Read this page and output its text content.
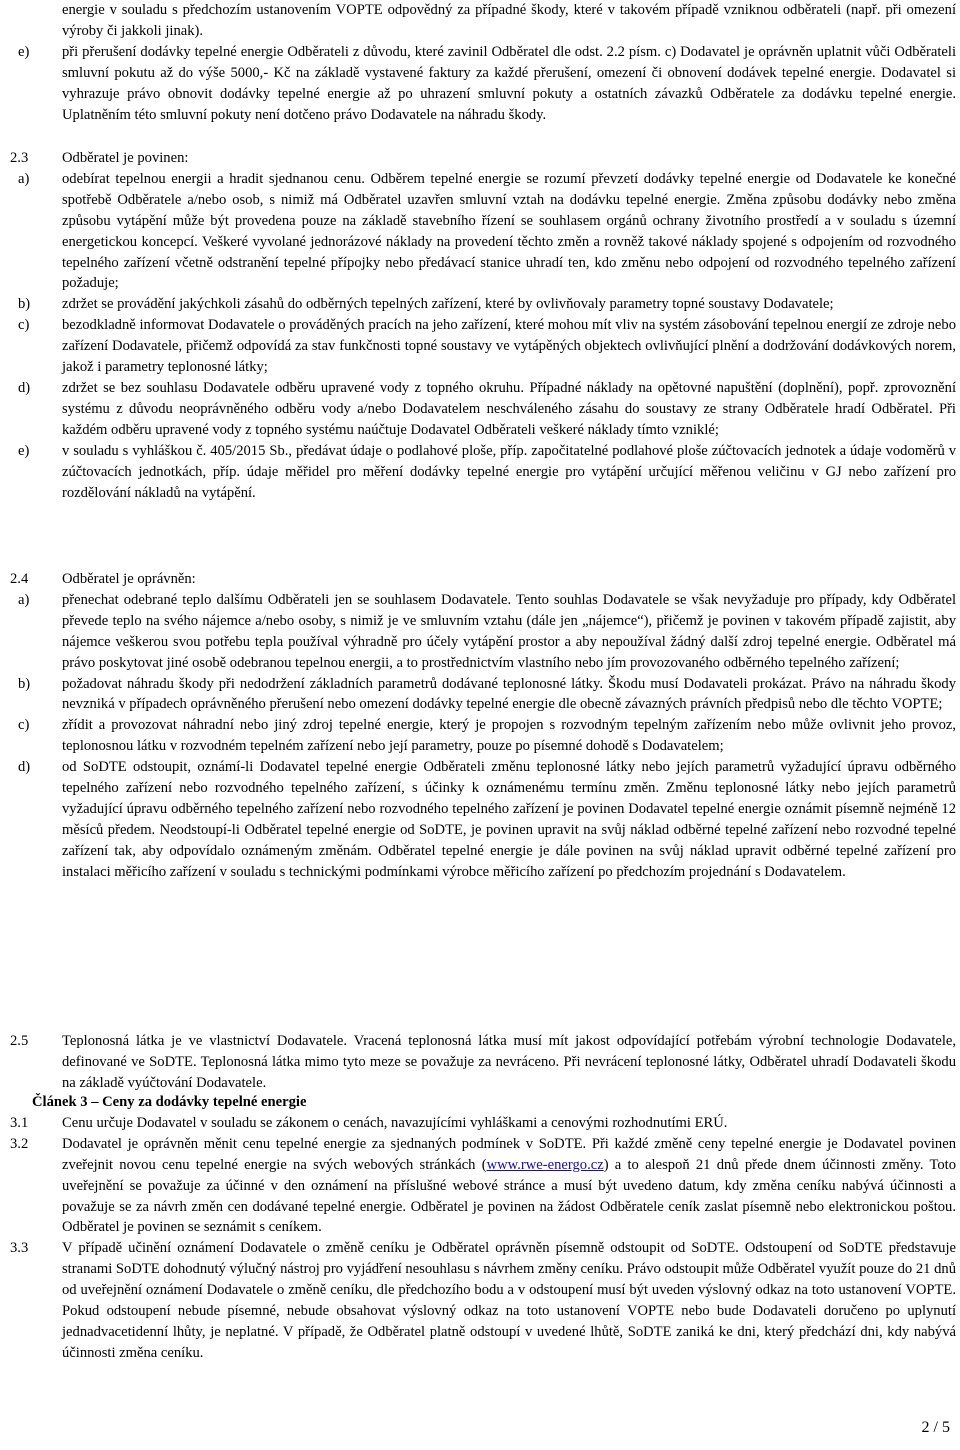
energie v souladu s předchozím ustanovením VOPTE odpovědný za případné škody, které v takovém případě vzniknou odběrateli (např. při omezení výroby či jakkoli jinak).
e) při přerušení dodávky tepelné energie Odběrateli z důvodu, které zavinil Odběratel dle odst. 2.2 písm. c) Dodavatel je oprávněn uplatnit vůči Odběrateli smluvní pokutu až do výše 5000,- Kč na základě vystavené faktury za každé přerušení, omezení či obnovení dodávek tepelné energie. Dodavatel si vyhrazuje právo obnovit dodávky tepelné energie až po uhrazení smluvní pokuty a ostatních závazků Odběratele za dodávku tepelné energie. Uplatněním této smluvní pokuty není dotčeno právo Dodavatele na náhradu škody.
2.3 Odběratel je povinen:
a) odebírat tepelnou energii a hradit sjednanou cenu. Odběrem tepelné energie se rozumí převzetí dodávky tepelné energie od Dodavatele ke konečné spotřebě Odběratele a/nebo osob, s nimiž má Odběratel uzavřen smluvní vztah na dodávku tepelné energie. Změna způsobu dodávky nebo změna způsobu vytápění může být provedena pouze na základě stavebního řízení se souhlasem orgánů ochrany životního prostředí a v souladu s územní energetickou koncepcí. Veškeré vyvolané jednorázové náklady na provedení těchto změn a rovněž takové náklady spojené s odpojením od rozvodného tepelného zařízení včetně odstranění tepelné přípojky nebo předávací stanice uhradí ten, kdo změnu nebo odpojení od rozvodného tepelného zařízení požaduje;
b) zdržet se provádění jakýchkoli zásahů do odběrných tepelných zařízení, které by ovlivňovaly parametry topné soustavy Dodavatele;
c) bezodkladně informovat Dodavatele o prováděných pracích na jeho zařízení, které mohou mít vliv na systém zásobování tepelnou energií ze zdroje nebo zařízení Dodavatele, přičemž odpovídá za stav funkčnosti topné soustavy ve vytápěných objektech ovlivňující plnění a dodržování dodávkových norem, jakož i parametry teplonosné látky;
d) zdržet se bez souhlasu Dodavatele odběru upravené vody z topného okruhu. Případné náklady na opětovné napuštění (doplnění), popř. zprovoznění systému z důvodu neoprávněného odběru vody a/nebo Dodavatelem neschváleného zásahu do soustavy ze strany Odběratele hradí Odběratel. Při každém odběru upravené vody z topného systému naúčtuje Dodavatel Odběrateli veškeré náklady tímto vzniklé;
e) v souladu s vyhláškou č. 405/2015 Sb., předávat údaje o podlahové ploše, příp. započitatelné podlahové ploše zúčtovacích jednotek a údaje vodoměrů v zúčtovacích jednotkách, příp. údaje měřidel pro měření dodávky tepelné energie pro vytápění určující měřenou veličinu v GJ nebo zařízení pro rozdělování nákladů na vytápění.
2.4 Odběratel je oprávněn:
a) přenechat odebrané teplo dalšímu Odběrateli jen se souhlasem Dodavatele. Tento souhlas Dodavatele se však nevyžaduje pro případy, kdy Odběratel převede teplo na svého nájemce a/nebo osoby, s nimiž je ve smluvním vztahu (dále jen „nájemce“), přičemž je povinen v takovém případě zajistit, aby nájemce veškerou svou potřebu tepla používal výhradně pro účely vytápění prostor a aby nepoužíval žádný další zdroj tepelné energie. Odběratel má právo poskytovat jiné osobě odebranou tepelnou energii, a to prostřednictvím vlastního nebo jím provozovaného odběrného tepelného zařízení;
b) požadovat náhradu škody při nedodržení základních parametrů dodávané teplonosné látky. Škodu musí Dodavateli prokázat. Právo na náhradu škody nevzniká v případech oprávněného přerušení nebo omezení dodávky tepelné energie dle obecně závazných právních předpisů nebo dle těchto VOPTE;
c) zřídit a provozovat náhradní nebo jiný zdroj tepelné energie, který je propojen s rozvodným tepelným zařízením nebo může ovlivnit jeho provoz, teplonosnou látku v rozvodném tepelném zařízení nebo její parametry, pouze po písemné dohodě s Dodavatelem;
d) od SoDTE odstoupit, oznámí-li Dodavatel tepelné energie Odběrateli změnu teplonosné látky nebo jejích parametrů vyžadující úpravu odběrného tepelného zařízení nebo rozvodného tepelného zařízení, s účinky k oznámenému termínu změn. Změnu teplonosné látky nebo jejích parametrů vyžadující úpravu odběrného tepelného zařízení nebo rozvodného tepelného zařízení je povinen Dodavatel tepelné energie oznámit písemně nejméně 12 měsíců předem. Neodstoupí-li Odběratel tepelné energie od SoDTE, je povinen upravit na svůj náklad odběrné tepelné zařízení nebo rozvodné tepelné zařízení tak, aby odpovídalo oznámeným změnám. Odběratel tepelné energie je dále povinen na svůj náklad upravit odběrné tepelné zařízení pro instalaci měřicího zařízení v souladu s technickými podmínkami výrobce měřicího zařízení po předchozím projednání s Dodavatelem.
2.5 Teplonosná látka je ve vlastnictví Dodavatele. Vracená teplonosná látka musí mít jakost odpovídající potřebám výrobní technologie Dodavatele, definované ve SoDTE. Teplonosná látka mimo tyto meze se považuje za nevráceno. Při nevrácení teplonosné látky, Odběratel uhradí Dodavateli škodu na základě vyúčtování Dodavatele.
Článek 3 – Ceny za dodávky tepelné energie
3.1 Cenu určuje Dodavatel v souladu se zákonem o cenách, navazujícími vyhláškami a cenovými rozhodnutími ERÚ.
3.2 Dodavatel je oprávněn měnit cenu tepelné energie za sjednaných podmínek v SoDTE. Při každé změně ceny tepelné energie je Dodavatel povinen zveřejnit novou cenu tepelné energie na svých webových stránkách (www.rwe-energo.cz) a to alespoň 21 dnů přede dnem účinnosti změny. Toto uveřejnění se považuje za účinné v den oznámení na příslušné webové stránce a musí být uvedeno datum, kdy změna ceníku nabývá účinnosti a považuje se za návrh změn cen dodávané tepelné energie. Odběratel je povinen na žádost Odběratele ceník zaslat písemně nebo elektronickou poštou. Odběratel je povinen se seznámit s ceníkem.
3.3 V případě učinění oznámení Dodavatele o změně ceníku je Odběratel oprávněn písemně odstoupit od SoDTE. Odstoupení od SoDTE představuje stranami SoDTE dohodnutý výlučný nástroj pro vyjádření nesouhlasu s návrhem změny ceníku. Právo odstoupit může Odběratel využít pouze do 21 dnů od uveřejnění oznámení Dodavatele o změně ceníku, dle předchozího bodu a v odstoupení musí být uveden výslovný odkaz na toto ustanovení VOPTE. Pokud odstoupení nebude písemné, nebude obsahovat výslovný odkaz na toto ustanovení VOPTE nebo bude Dodavateli doručeno po uplynutí jednadvacetidenní lhůty, je neplatné. V případě, že Odběratel platně odstoupí v uvedené lhůtě, SoDTE zaniká ke dni, který předchází dni, kdy nabývá účinnosti změna ceníku.
2 / 5
